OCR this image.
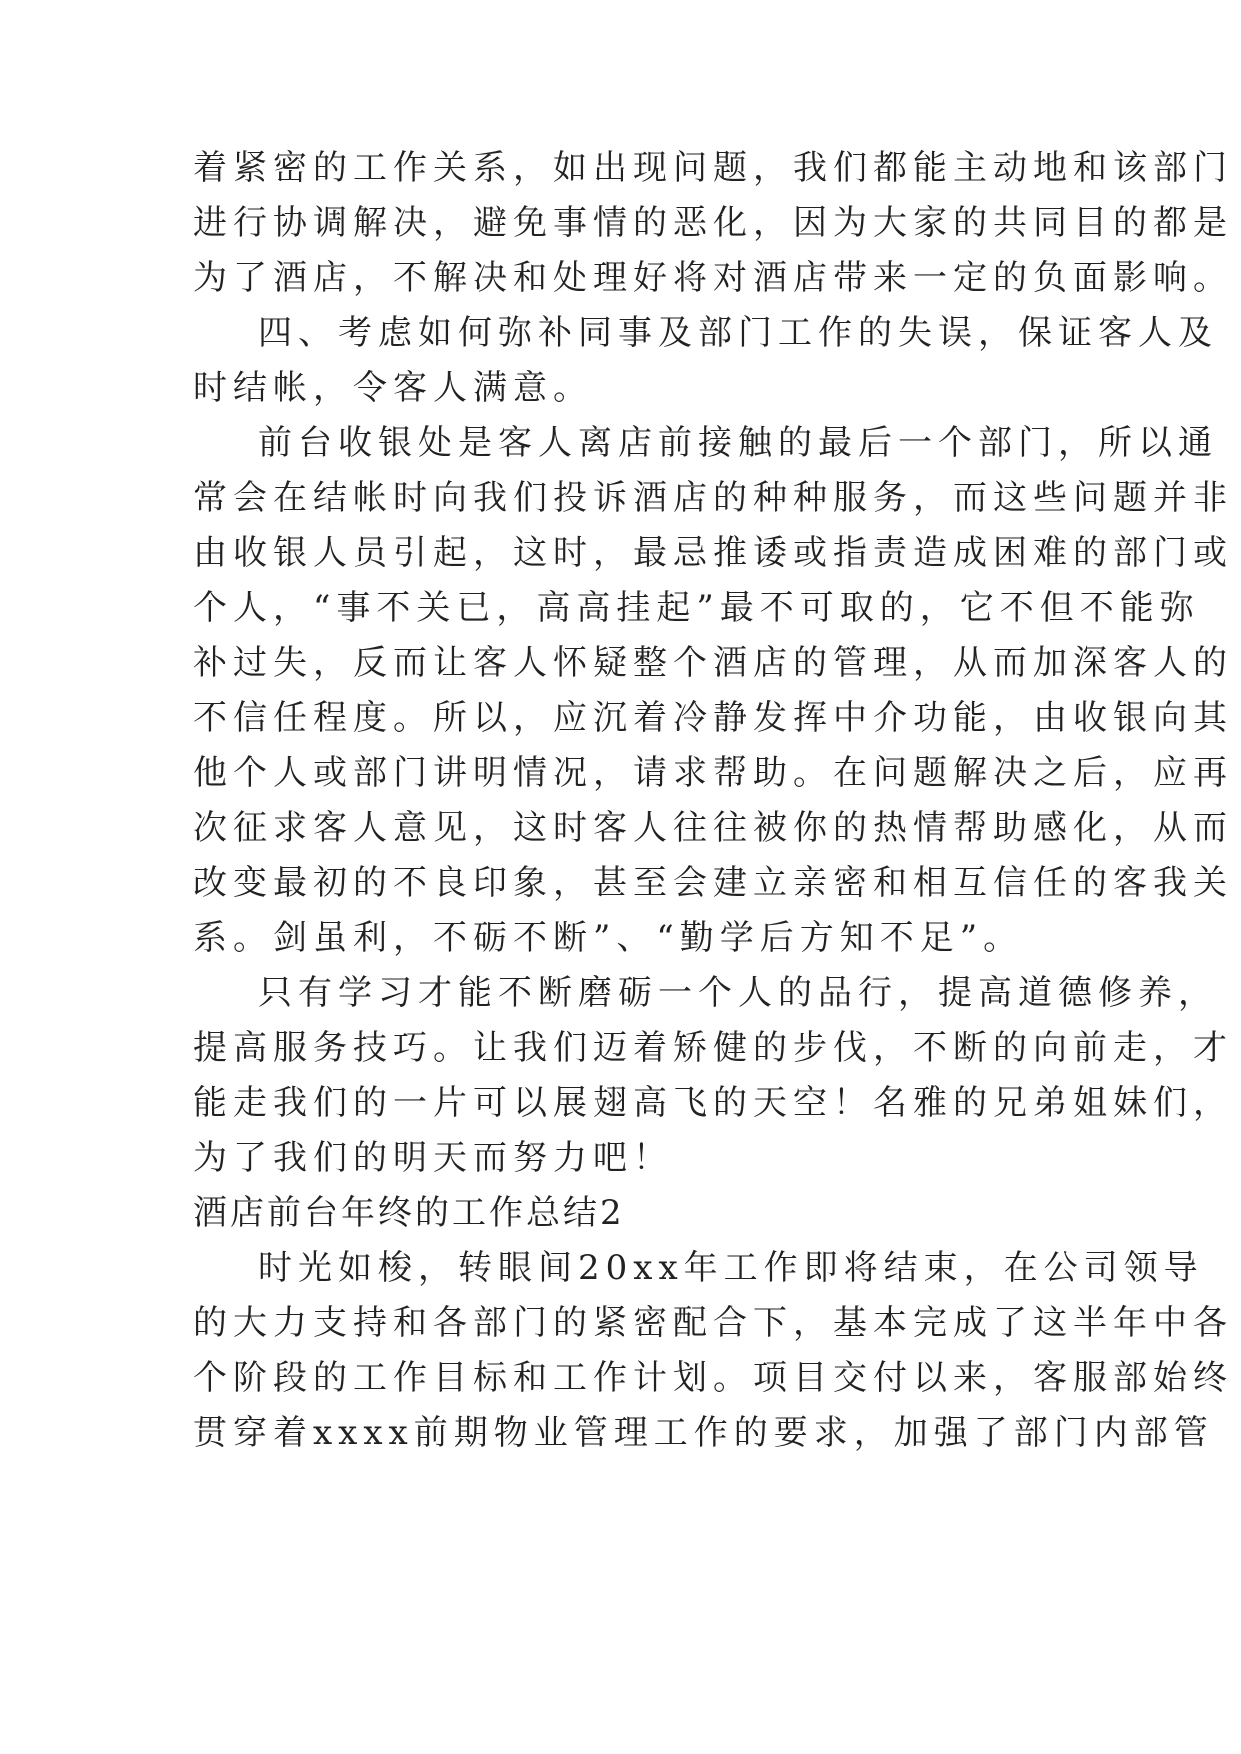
着紧密的工作关系，如出现问题，我们都能主动地和该部门
进行协调解决，避免事情的恶化，因为大家的共同目的都是
为了酒店，不解决和处理好将对酒店带来一定的负面影响。
四、考虑如何弥补同事及部门工作的失误，保证客人及
时结帐，令客人满意。
前台收银处是客人离店前接触的最后一个部门，所以通
常会在结帐时向我们投诉酒店的种种服务，而这些问题并非
由收银人员引起，这时，最忌推诿或指责造成困难的部门或
个人，“事不关已，高高挂起”最不可取的，它不但不能弥
补过失，反而让客人怀疑整个酒店的管理，从而加深客人的
不信任程度。所以，应沉着冷静发挥中介功能，由收银向其
他个人或部门讲明情况，请求帮助。在问题解决之后，应再
次征求客人意见，这时客人往往被你的热情帮助感化，从而
改变最初的不良印象，甚至会建立亲密和相互信任的客我关
系。剑虽利，不砺不断”、“勤学后方知不足”。
只有学习才能不断磨砺一个人的品行，提高道德修养，
提高服务技巧。让我们迈着矫健的步伐，不断的向前走，才
能走我们的一片可以展翅高飞的天空！名雅的兄弟姐妹们，
为了我们的明天而努力吧！
酒店前台年终的工作总结2
时光如梭，转眼间20xx年工作即将结束，在公司领导
的大力支持和各部门的紧密配合下，基本完成了这半年中各
个阶段的工作目标和工作计划。项目交付以来，客服部始终
贯穿着xxxx前期物业管理工作的要求，加强了部门内部管
